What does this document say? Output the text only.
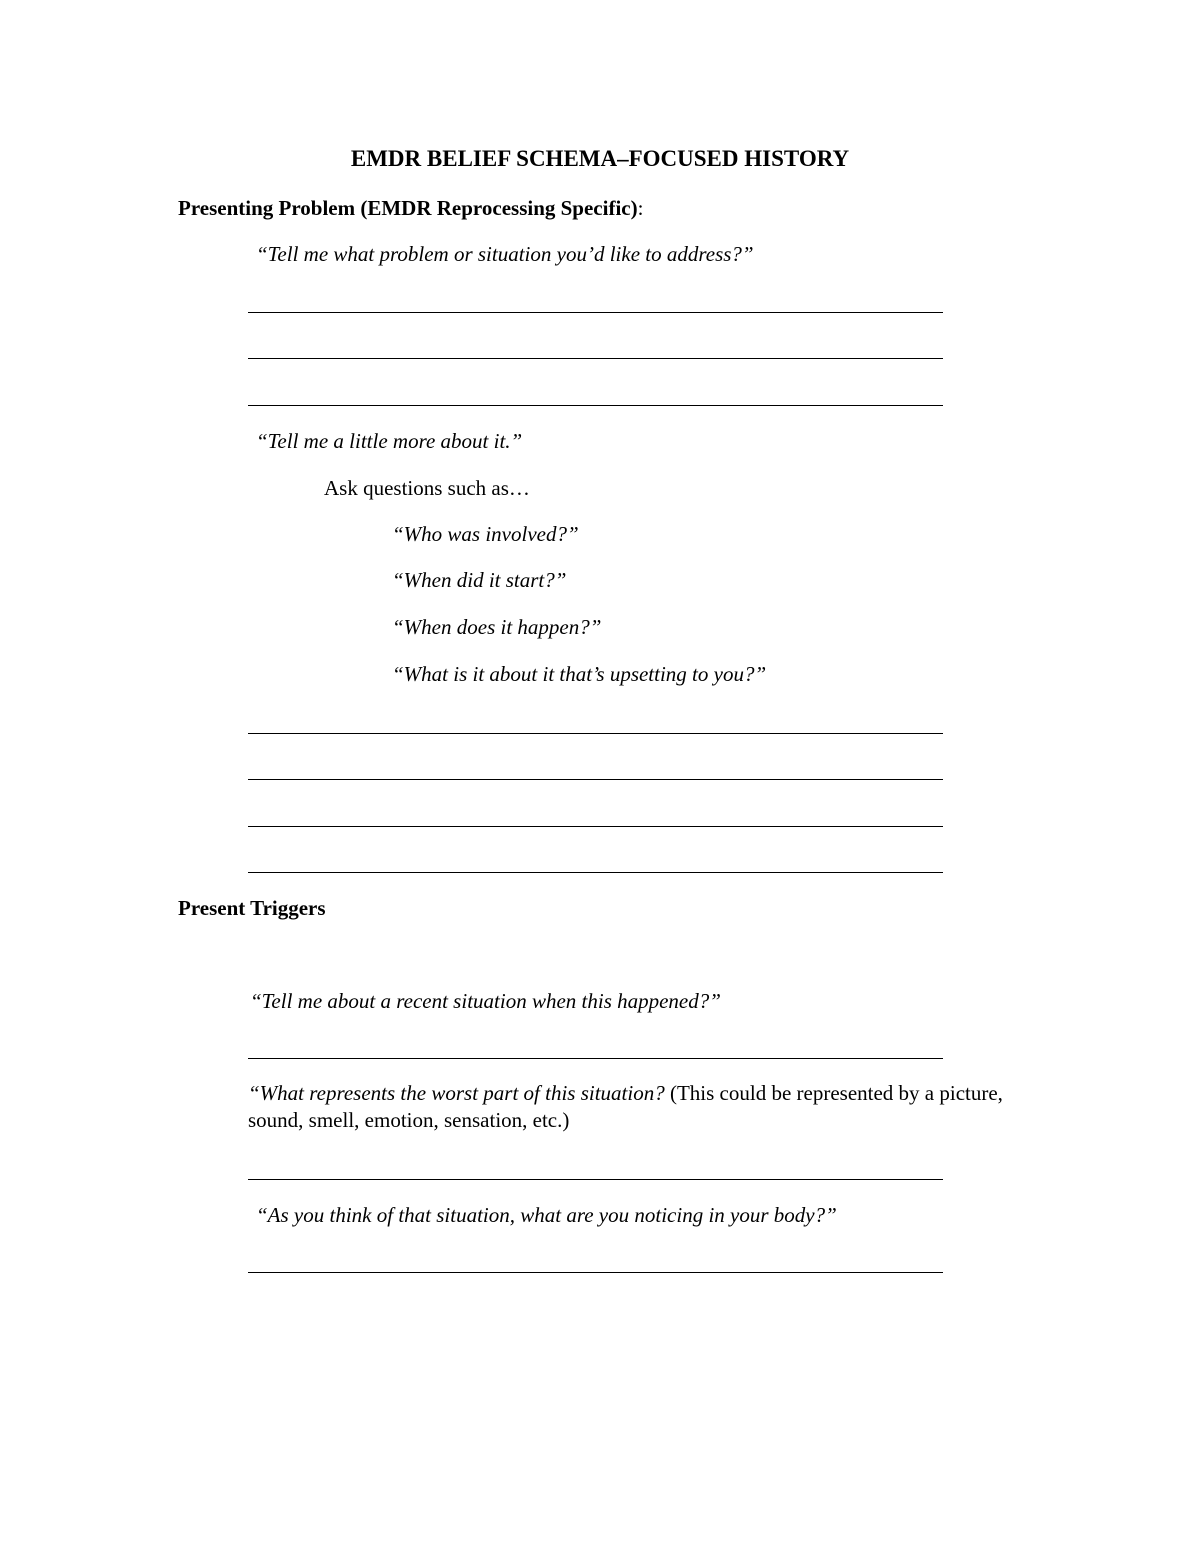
EMDR BELIEF SCHEMA–FOCUSED HISTORY
Presenting Problem (EMDR Reprocessing Specific):
“Tell me what problem or situation you’d like to address?”
“Tell me a little more about it.”
Ask questions such as…
“Who was involved?”
“When did it start?”
“When does it happen?”
“What is it about it that’s upsetting to you?”
Present Triggers
“Tell me about a recent situation when this happened?”
“What represents the worst part of this situation? (This could be represented by a picture, sound, smell, emotion, sensation, etc.)
“As you think of that situation, what are you noticing in your body?”
